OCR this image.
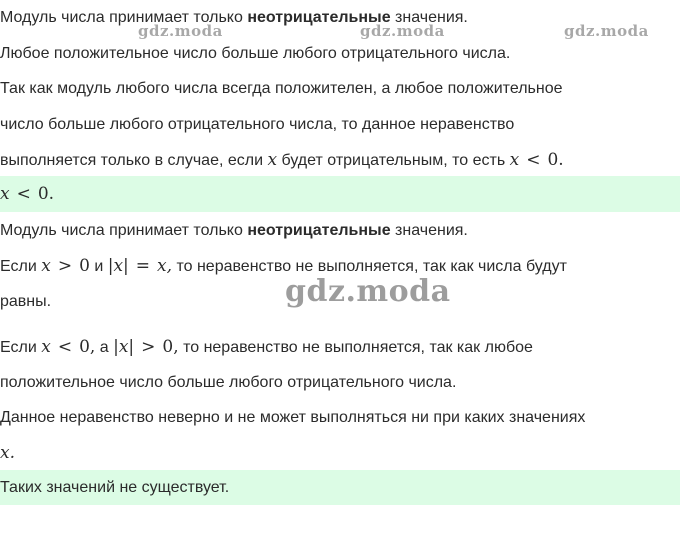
gdz.moda	gdz.moda	gdz.moda
gdz.moda
Модуль числа принимает только неотрицательные значения.
Любое положительное число больше любого отрицательного числа.
Так как модуль любого числа всегда положителен, а любое положительное
число больше любого отрицательного числа, то данное неравенство
выполняется только в случае, если x будет отрицательным, то есть x < 0.
x < 0.
Модуль числа принимает только неотрицательные значения.
Если x > 0 и |x| = x, то неравенство не выполняется, так как числа будут
равны.
Если x < 0, а |x| > 0, то неравенство не выполняется, так как любое
положительное число больше любого отрицательного числа.
Данное неравенство неверно и не может выполняться ни при каких значениях
x.
Таких значений не существует.
